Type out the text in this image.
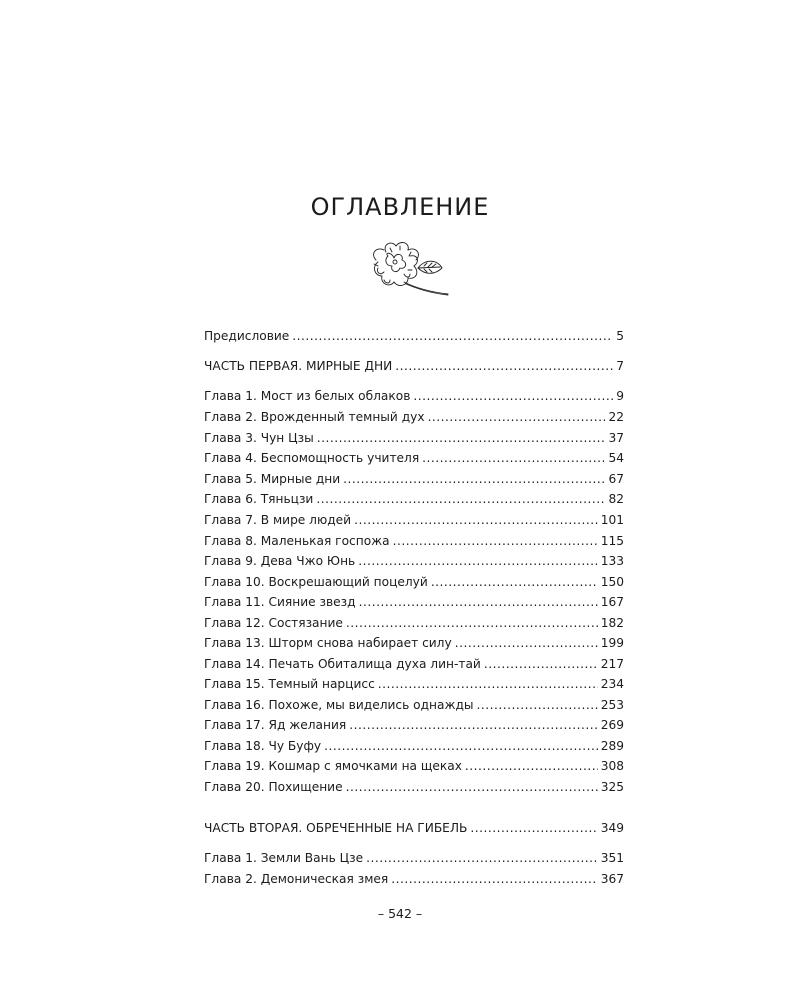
ОГЛАВЛЕНИЕ
Предисловие .....	5
ЧАСТЬ ПЕРВАЯ. МИРНЫЕ ДНИ .....	7
Глава 1. Мост из белых облаков .....	9
Глава 2. Врожденный темный дух .....	22
Глава 3. Чун Цзы .....	37
Глава 4. Беспомощность учителя .....	54
Глава 5. Мирные дни .....	67
Глава 6. Тяньцзи .....	82
Глава 7. В мире людей .....	101
Глава 8. Маленькая госпожа .....	115
Глава 9. Дева Чжо Юнь .....	133
Глава 10. Воскрешающий поцелуй .....	150
Глава 11. Сияние звезд .....	167
Глава 12. Состязание .....	182
Глава 13. Шторм снова набирает силу .....	199
Глава 14. Печать Обиталища духа лин-тай .....	217
Глава 15. Темный нарцисс .....	234
Глава 16. Похоже, мы виделись однажды .....	253
Глава 17. Яд желания .....	269
Глава 18. Чу Буфу .....	289
Глава 19. Кошмар с ямочками на щеках .....	308
Глава 20. Похищение .....	325
ЧАСТЬ ВТОРАЯ. ОБРЕЧЕННЫЕ НА ГИБЕЛЬ .....	349
Глава 1. Земли Вань Цзе .....	351
Глава 2. Демоническая змея .....	367
– 542 –
